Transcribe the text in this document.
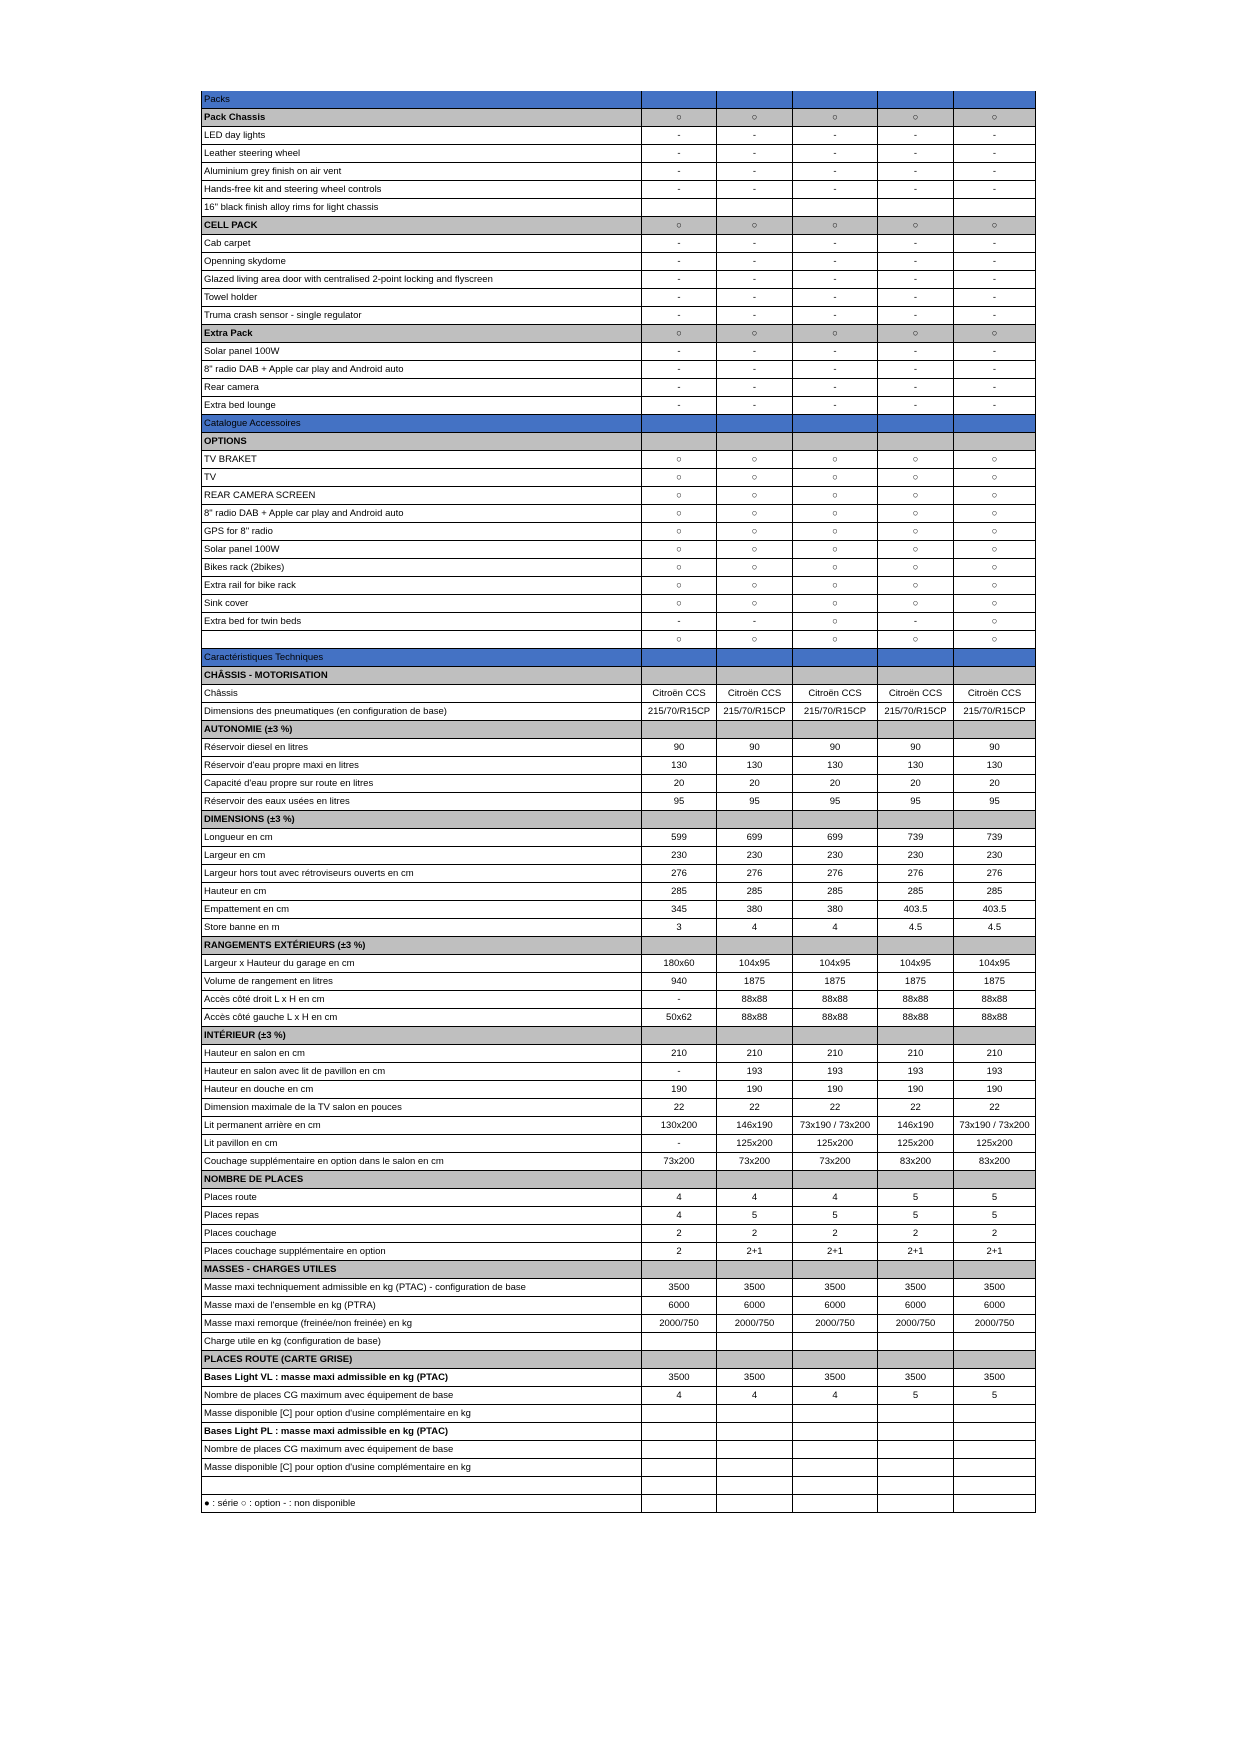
Packs					
Pack Chassis	○	○	○	○	○
LED day lights	-	-	-	-	-
Leather steering wheel	-	-	-	-	-
Aluminium grey finish on air vent	-	-	-	-	-
Hands-free kit and steering wheel controls	-	-	-	-	-
16" black finish alloy rims for light chassis					
CELL PACK	○	○	○	○	○
Cab carpet	-	-	-	-	-
Openning skydome	-	-	-	-	-
Glazed living area door with centralised 2-point locking and flyscreen	-	-	-	-	-
Towel holder	-	-	-	-	-
Truma crash sensor - single regulator	-	-	-	-	-
Extra Pack	○	○	○	○	○
Solar panel 100W	-	-	-	-	-
8" radio DAB + Apple car play and Android auto	-	-	-	-	-
Rear camera	-	-	-	-	-
Extra bed lounge	-	-	-	-	-
Catalogue Accessoires					
OPTIONS					
TV BRAKET	○	○	○	○	○
TV	○	○	○	○	○
REAR CAMERA SCREEN	○	○	○	○	○
8" radio DAB + Apple car play and Android auto	○	○	○	○	○
GPS for 8" radio	○	○	○	○	○
Solar panel 100W	○	○	○	○	○
Bikes rack (2bikes)	○	○	○	○	○
Extra rail for bike rack	○	○	○	○	○
Sink cover	○	○	○	○	○
Extra bed for twin beds	-	-	○	-	○
	○	○	○	○	○
Caractéristiques Techniques					
CHÂSSIS - MOTORISATION					
Châssis	Citroën CCS	Citroën CCS	Citroën CCS	Citroën CCS	Citroën CCS
Dimensions des pneumatiques (en configuration de base)	215/70/R15CP	215/70/R15CP	215/70/R15CP	215/70/R15CP	215/70/R15CP
AUTONOMIE (±3 %)					
Réservoir diesel en litres	90	90	90	90	90
Réservoir d'eau propre maxi en litres	130	130	130	130	130
Capacité d'eau propre sur route en litres	20	20	20	20	20
Réservoir des eaux usées en litres	95	95	95	95	95
DIMENSIONS (±3 %)					
Longueur en cm	599	699	699	739	739
Largeur en cm	230	230	230	230	230
Largeur hors tout avec rétroviseurs ouverts en cm	276	276	276	276	276
Hauteur en cm	285	285	285	285	285
Empattement en cm	345	380	380	403.5	403.5
Store banne en m	3	4	4	4.5	4.5
RANGEMENTS EXTÉRIEURS (±3 %)					
Largeur x Hauteur du garage en cm	180x60	104x95	104x95	104x95	104x95
Volume de rangement en litres	940	1875	1875	1875	1875
Accès côté droit L x H en cm	-	88x88	88x88	88x88	88x88
Accès côté gauche L x H en cm	50x62	88x88	88x88	88x88	88x88
INTÉRIEUR (±3 %)					
Hauteur en salon en cm	210	210	210	210	210
Hauteur en salon avec lit de pavillon en cm	-	193	193	193	193
Hauteur en douche en cm	190	190	190	190	190
Dimension maximale de la TV salon en pouces	22	22	22	22	22
Lit permanent arrière en cm	130x200	146x190	73x190 / 73x200	146x190	73x190 / 73x200
Lit pavillon en cm	-	125x200	125x200	125x200	125x200
Couchage supplémentaire en option dans le salon en cm	73x200	73x200	73x200	83x200	83x200
NOMBRE DE PLACES					
Places route	4	4	4	5	5
Places repas	4	5	5	5	5
Places couchage	2	2	2	2	2
Places couchage supplémentaire en option	2	2+1	2+1	2+1	2+1
MASSES - CHARGES UTILES					
Masse maxi techniquement admissible en kg (PTAC) - configuration de base	3500	3500	3500	3500	3500
Masse maxi de l'ensemble en kg (PTRA)	6000	6000	6000	6000	6000
Masse maxi remorque (freinée/non freinée) en kg	2000/750	2000/750	2000/750	2000/750	2000/750
Charge utile en kg (configuration de base)					
PLACES ROUTE (CARTE GRISE)					
Bases Light VL : masse maxi admissible en kg (PTAC)	3500	3500	3500	3500	3500
Nombre de places CG maximum avec équipement de base	4	4	4	5	5
Masse disponible [C] pour option d'usine complémentaire en kg					
Bases Light PL : masse maxi admissible en kg (PTAC)					
Nombre de places CG maximum avec équipement de base					
Masse disponible [C] pour option d'usine complémentaire en kg					

● : série ○ : option - : non disponible					
